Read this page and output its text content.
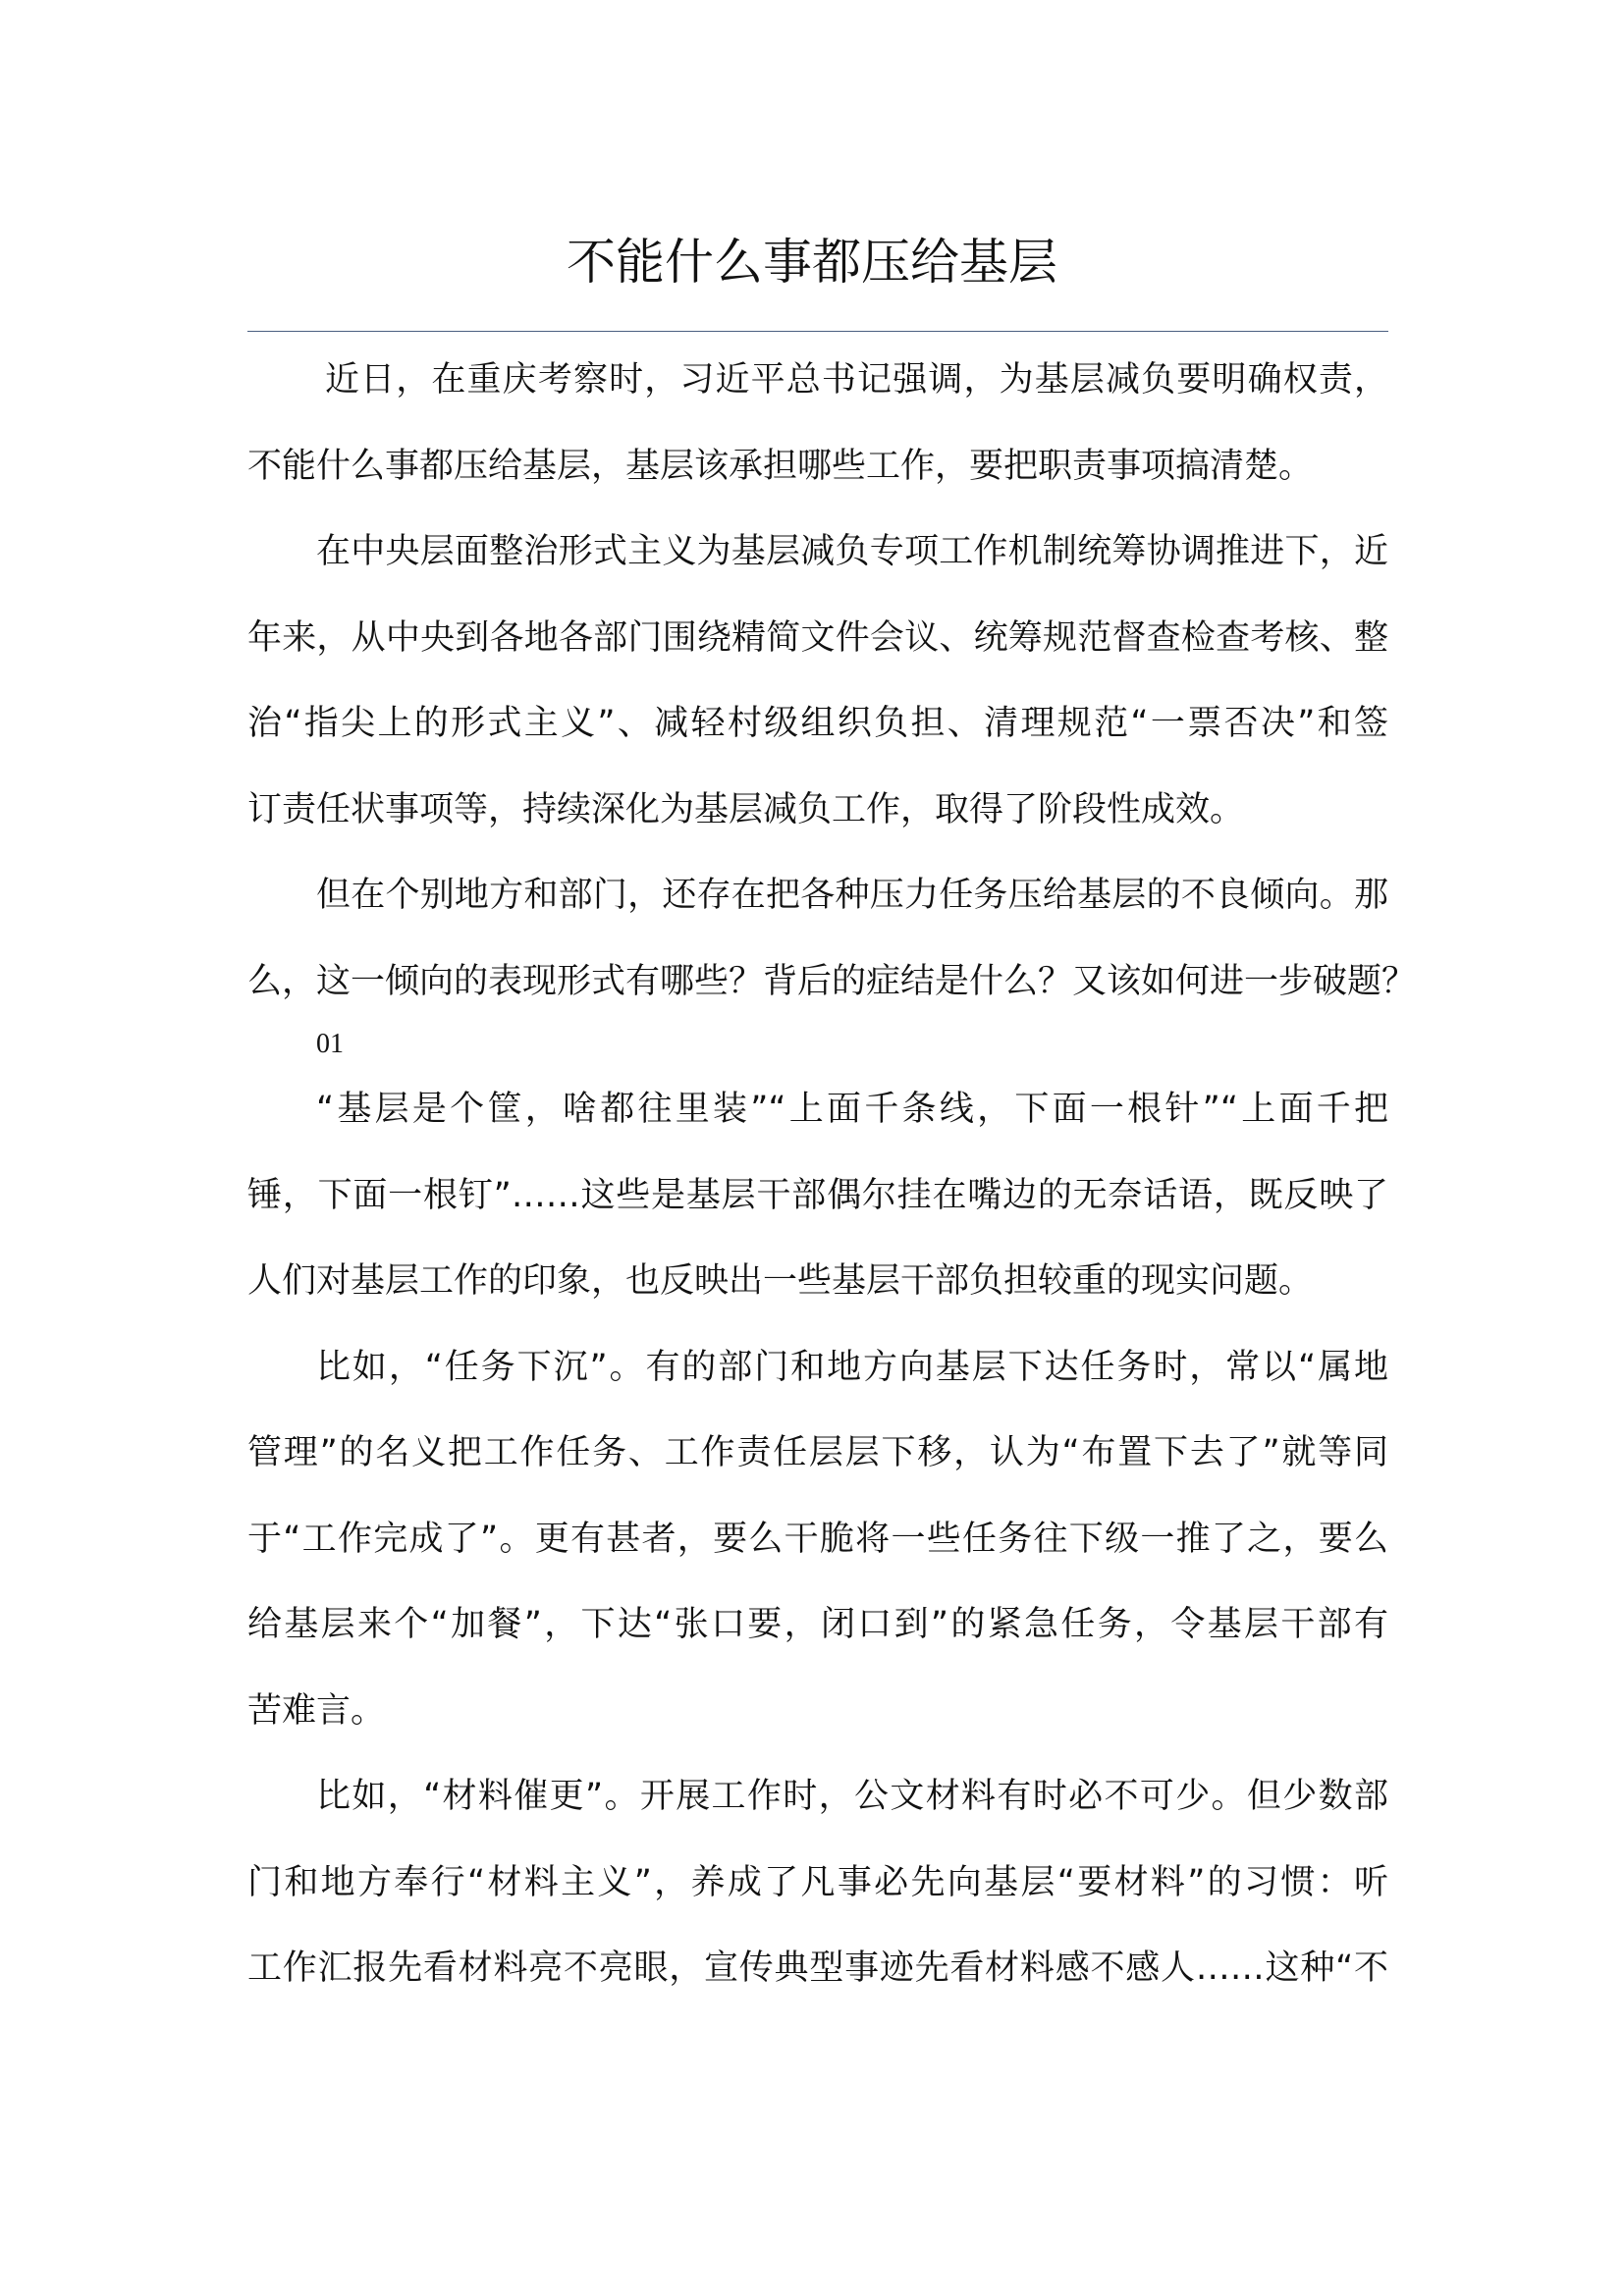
不能什么事都压给基层
近日，在重庆考察时，习近平总书记强调，为基层减负要明确权责，
不能什么事都压给基层，基层该承担哪些工作，要把职责事项搞清楚。
在中央层面整治形式主义为基层减负专项工作机制统筹协调推进下，近
年来，从中央到各地各部门围绕精简文件会议、统筹规范督查检查考核、整
治“指尖上的形式主义”、减轻村级组织负担、清理规范“一票否决”和签
订责任状事项等，持续深化为基层减负工作，取得了阶段性成效。
但在个别地方和部门，还存在把各种压力任务压给基层的不良倾向。那
么，这一倾向的表现形式有哪些？背后的症结是什么？又该如何进一步破题？
01
“基层是个筐，啥都往里装”“上面千条线，下面一根针”“上面千把
锤，下面一根钉”……这些是基层干部偶尔挂在嘴边的无奈话语，既反映了
人们对基层工作的印象，也反映出一些基层干部负担较重的现实问题。
比如，“任务下沉”。有的部门和地方向基层下达任务时，常以“属地
管理”的名义把工作任务、工作责任层层下移，认为“布置下去了”就等同
于“工作完成了”。更有甚者，要么干脆将一些任务往下级一推了之，要么
给基层来个“加餐”，下达“张口要，闭口到”的紧急任务，令基层干部有
苦难言。
比如，“材料催更”。开展工作时，公文材料有时必不可少。但少数部
门和地方奉行“材料主义”，养成了凡事必先向基层“要材料”的习惯：听
工作汇报先看材料亮不亮眼，宣传典型事迹先看材料感不感人……这种“不
